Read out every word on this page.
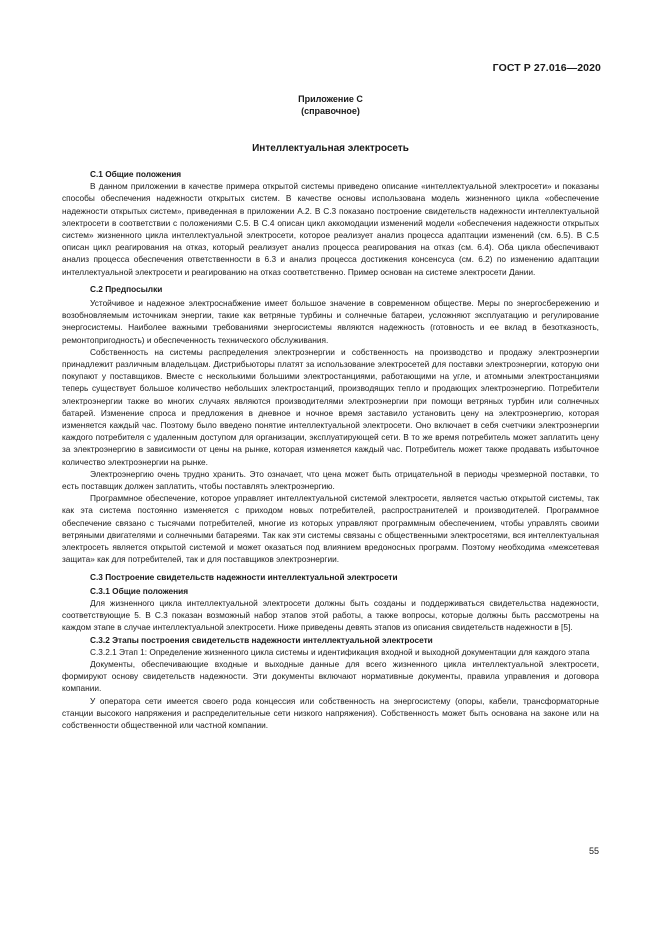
ГОСТ Р 27.016—2020
Приложение С
(справочное)
Интеллектуальная электросеть
С.1 Общие положения

В данном приложении в качестве примера открытой системы приведено описание «интеллектуальной электросети» и показаны способы обеспечения надежности открытых систем. В качестве основы использована модель жизненного цикла «обеспечение надежности открытых систем», приведенная в приложении А.2. В С.3 показано построение свидетельств надежности интеллектуальной электросети в соответствии с положениями С.5. В С.4 описан цикл аккомодации изменений модели «обеспечения надежности открытых систем» жизненного цикла интеллектуальной электросети, которое реализует анализ процесса адаптации изменений (см. 6.5). В С.5 описан цикл реагирования на отказ, который реализует анализ процесса реагирования на отказ (см. 6.4). Оба цикла обеспечивают анализ процесса обеспечения ответственности в 6.3 и анализ процесса достижения консенсуса (см. 6.2) по изменению адаптации интеллектуальной электросети и реагированию на отказ соответственно. Пример основан на системе электросети Дании.

С.2 Предпосылки

Устойчивое и надежное электроснабжение имеет большое значение в современном обществе. Меры по энергосбережению и возобновляемым источникам энергии, такие как ветряные турбины и солнечные батареи, усложняют эксплуатацию и регулирование энергосистемы. Наиболее важными требованиями энергосистемы являются надежность (готовность и ее вклад в безотказность, ремонтопригодность) и обеспеченность технического обслуживания.

Собственность на системы распределения электроэнергии и собственность на производство и продажу электроэнергии принадлежит различным владельцам. Дистрибьюторы платят за использование электросетей для поставки электроэнергии, которую они покупают у поставщиков. Вместе с несколькими большими электростанциями, работающими на угле, и атомными электростанциями теперь существует большое количество небольших электростанций, производящих тепло и продающих электроэнергию. Потребители электроэнергии также во многих случаях являются производителями электроэнергии при помощи ветряных турбин или солнечных батарей. Изменение спроса и предложения в дневное и ночное время заставило установить цену на электроэнергию, которая изменяется каждый час. Поэтому было введено понятие интеллектуальной электросети. Оно включает в себя счетчики электроэнергии каждого потребителя с удаленным доступом для организации, эксплуатирующей сети. В то же время потребитель может заплатить цену за электроэнергию в зависимости от цены на рынке, которая изменяется каждый час. Потребитель может также продавать избыточное количество электроэнергии на рынке.

Электроэнергию очень трудно хранить. Это означает, что цена может быть отрицательной в периоды чрезмерной поставки, то есть поставщик должен заплатить, чтобы поставлять электроэнергию.

Программное обеспечение, которое управляет интеллектуальной системой электросети, является частью открытой системы, так как эта система постоянно изменяется с приходом новых потребителей, распространителей и производителей. Программное обеспечение связано с тысячами потребителей, многие из которых управляют программным обеспечением, чтобы управлять своими ветряными двигателями и солнечными батареями. Так как эти системы связаны с общественными электросетями, вся интеллектуальная электросеть является открытой системой и может оказаться под влиянием вредоносных программ. Поэтому необходима «межсетевая защита» как для потребителей, так и для поставщиков электроэнергии.

С.3 Построение свидетельств надежности интеллектуальной электросети
С.3.1 Общие положения

Для жизненного цикла интеллектуальной электросети должны быть созданы и поддерживаться свидетельства надежности, соответствующие 5. В С.3 показан возможный набор этапов этой работы, а также вопросы, которые должны быть рассмотрены на каждом этапе в случае интеллектуальной электросети. Ниже приведены девять этапов из описания свидетельств надежности в [5].

С.3.2 Этапы построения свидетельств надежности интеллектуальной электросети

С.3.2.1 Этап 1: Определение жизненного цикла системы и идентификация входной и выходной документации для каждого этапа

Документы, обеспечивающие входные и выходные данные для всего жизненного цикла интеллектуальной электросети, формируют основу свидетельств надежности. Эти документы включают нормативные документы, правила управления и договора компании.

У оператора сети имеется своего рода концессия или собственность на энергосистему (опоры, кабели, трансформаторные станции высокого напряжения и распределительные сети низкого напряжения). Собственность может быть основана на законе или на собственности общественной или частной компании.

55
